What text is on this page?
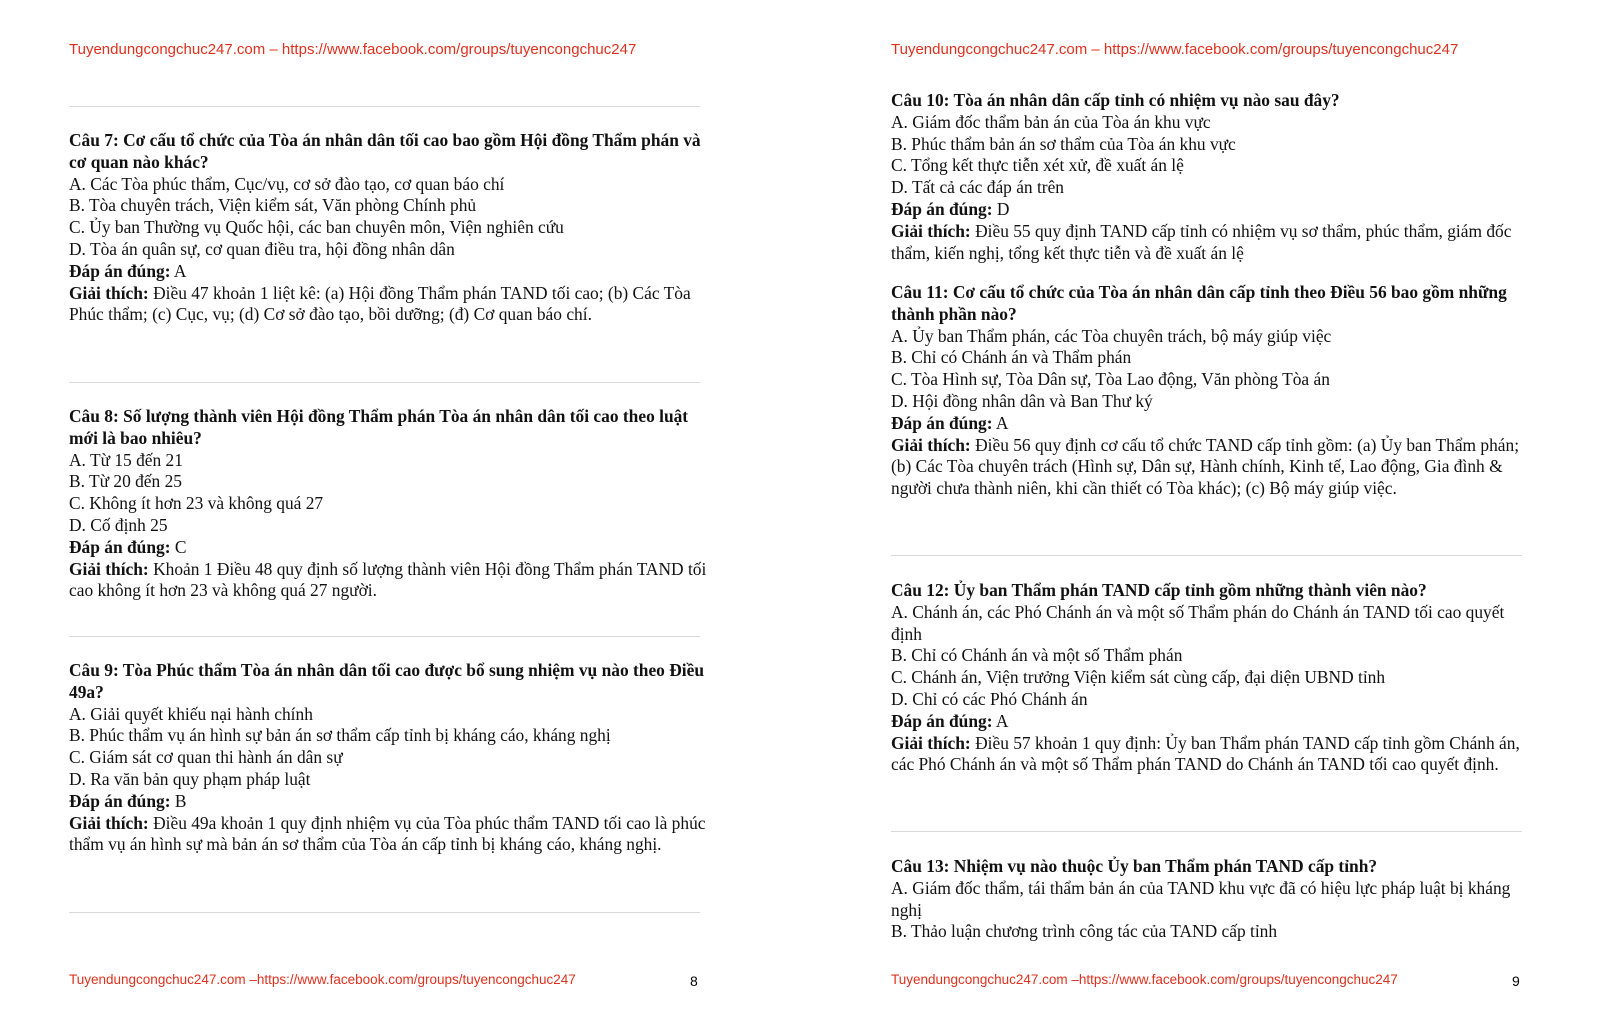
Tuyendungcongchuc247.com – https://www.facebook.com/groups/tuyencongchuc247

Câu 7: Cơ cấu tổ chức của Tòa án nhân dân tối cao bao gồm Hội đồng Thẩm phán và cơ quan nào khác?

A. Các Tòa phúc thẩm, Cục/vụ, cơ sở đào tạo, cơ quan báo chí

B. Tòa chuyên trách, Viện kiểm sát, Văn phòng Chính phủ

C. Ủy ban Thường vụ Quốc hội, các ban chuyên môn, Viện nghiên cứu

D. Tòa án quân sự, cơ quan điều tra, hội đồng nhân dân

Đáp án đúng: A

Giải thích: Điều 47 khoản 1 liệt kê: (a) Hội đồng Thẩm phán TAND tối cao; (b) Các Tòa Phúc thẩm; (c) Cục, vụ; (d) Cơ sở đào tạo, bồi dưỡng; (đ) Cơ quan báo chí.

Câu 8: Số lượng thành viên Hội đồng Thẩm phán Tòa án nhân dân tối cao theo luật mới là bao nhiêu?

A. Từ 15 đến 21

B. Từ 20 đến 25

C. Không ít hơn 23 và không quá 27

D. Cố định 25

Đáp án đúng: C

Giải thích: Khoản 1 Điều 48 quy định số lượng thành viên Hội đồng Thẩm phán TAND tối cao không ít hơn 23 và không quá 27 người.

Câu 9: Tòa Phúc thẩm Tòa án nhân dân tối cao được bổ sung nhiệm vụ nào theo Điều 49a?

A. Giải quyết khiếu nại hành chính

B. Phúc thẩm vụ án hình sự bản án sơ thẩm cấp tỉnh bị kháng cáo, kháng nghị

C. Giám sát cơ quan thi hành án dân sự

D. Ra văn bản quy phạm pháp luật

Đáp án đúng: B

Giải thích: Điều 49a khoản 1 quy định nhiệm vụ của Tòa phúc thẩm TAND tối cao là phúc thẩm vụ án hình sự mà bản án sơ thẩm của Tòa án cấp tỉnh bị kháng cáo, kháng nghị.

Tuyendungcongchuc247.com –https://www.facebook.com/groups/tuyencongchuc247	8
Tuyendungcongchuc247.com – https://www.facebook.com/groups/tuyencongchuc247

Câu 10: Tòa án nhân dân cấp tỉnh có nhiệm vụ nào sau đây?

A. Giám đốc thẩm bản án của Tòa án khu vực

B. Phúc thẩm bản án sơ thẩm của Tòa án khu vực

C. Tổng kết thực tiễn xét xử, đề xuất án lệ

D. Tất cả các đáp án trên

Đáp án đúng: D

Giải thích: Điều 55 quy định TAND cấp tỉnh có nhiệm vụ sơ thẩm, phúc thẩm, giám đốc thẩm, kiến nghị, tổng kết thực tiễn và đề xuất án lệ

Câu 11: Cơ cấu tổ chức của Tòa án nhân dân cấp tỉnh theo Điều 56 bao gồm những thành phần nào?

A. Ủy ban Thẩm phán, các Tòa chuyên trách, bộ máy giúp việc

B. Chỉ có Chánh án và Thẩm phán

C. Tòa Hình sự, Tòa Dân sự, Tòa Lao động, Văn phòng Tòa án

D. Hội đồng nhân dân và Ban Thư ký

Đáp án đúng: A

Giải thích: Điều 56 quy định cơ cấu tổ chức TAND cấp tỉnh gồm: (a) Ủy ban Thẩm phán; (b) Các Tòa chuyên trách (Hình sự, Dân sự, Hành chính, Kinh tế, Lao động, Gia đình & người chưa thành niên, khi cần thiết có Tòa khác); (c) Bộ máy giúp việc.

Câu 12: Ủy ban Thẩm phán TAND cấp tỉnh gồm những thành viên nào?

A. Chánh án, các Phó Chánh án và một số Thẩm phán do Chánh án TAND tối cao quyết định

B. Chỉ có Chánh án và một số Thẩm phán

C. Chánh án, Viện trưởng Viện kiểm sát cùng cấp, đại diện UBND tỉnh

D. Chỉ có các Phó Chánh án

Đáp án đúng: A

Giải thích: Điều 57 khoản 1 quy định: Ủy ban Thẩm phán TAND cấp tỉnh gồm Chánh án, các Phó Chánh án và một số Thẩm phán TAND do Chánh án TAND tối cao quyết định.

Câu 13: Nhiệm vụ nào thuộc Ủy ban Thẩm phán TAND cấp tỉnh?

A. Giám đốc thẩm, tái thẩm bản án của TAND khu vực đã có hiệu lực pháp luật bị kháng nghị

B. Thảo luận chương trình công tác của TAND cấp tỉnh

Tuyendungcongchuc247.com –https://www.facebook.com/groups/tuyencongchuc247	9
